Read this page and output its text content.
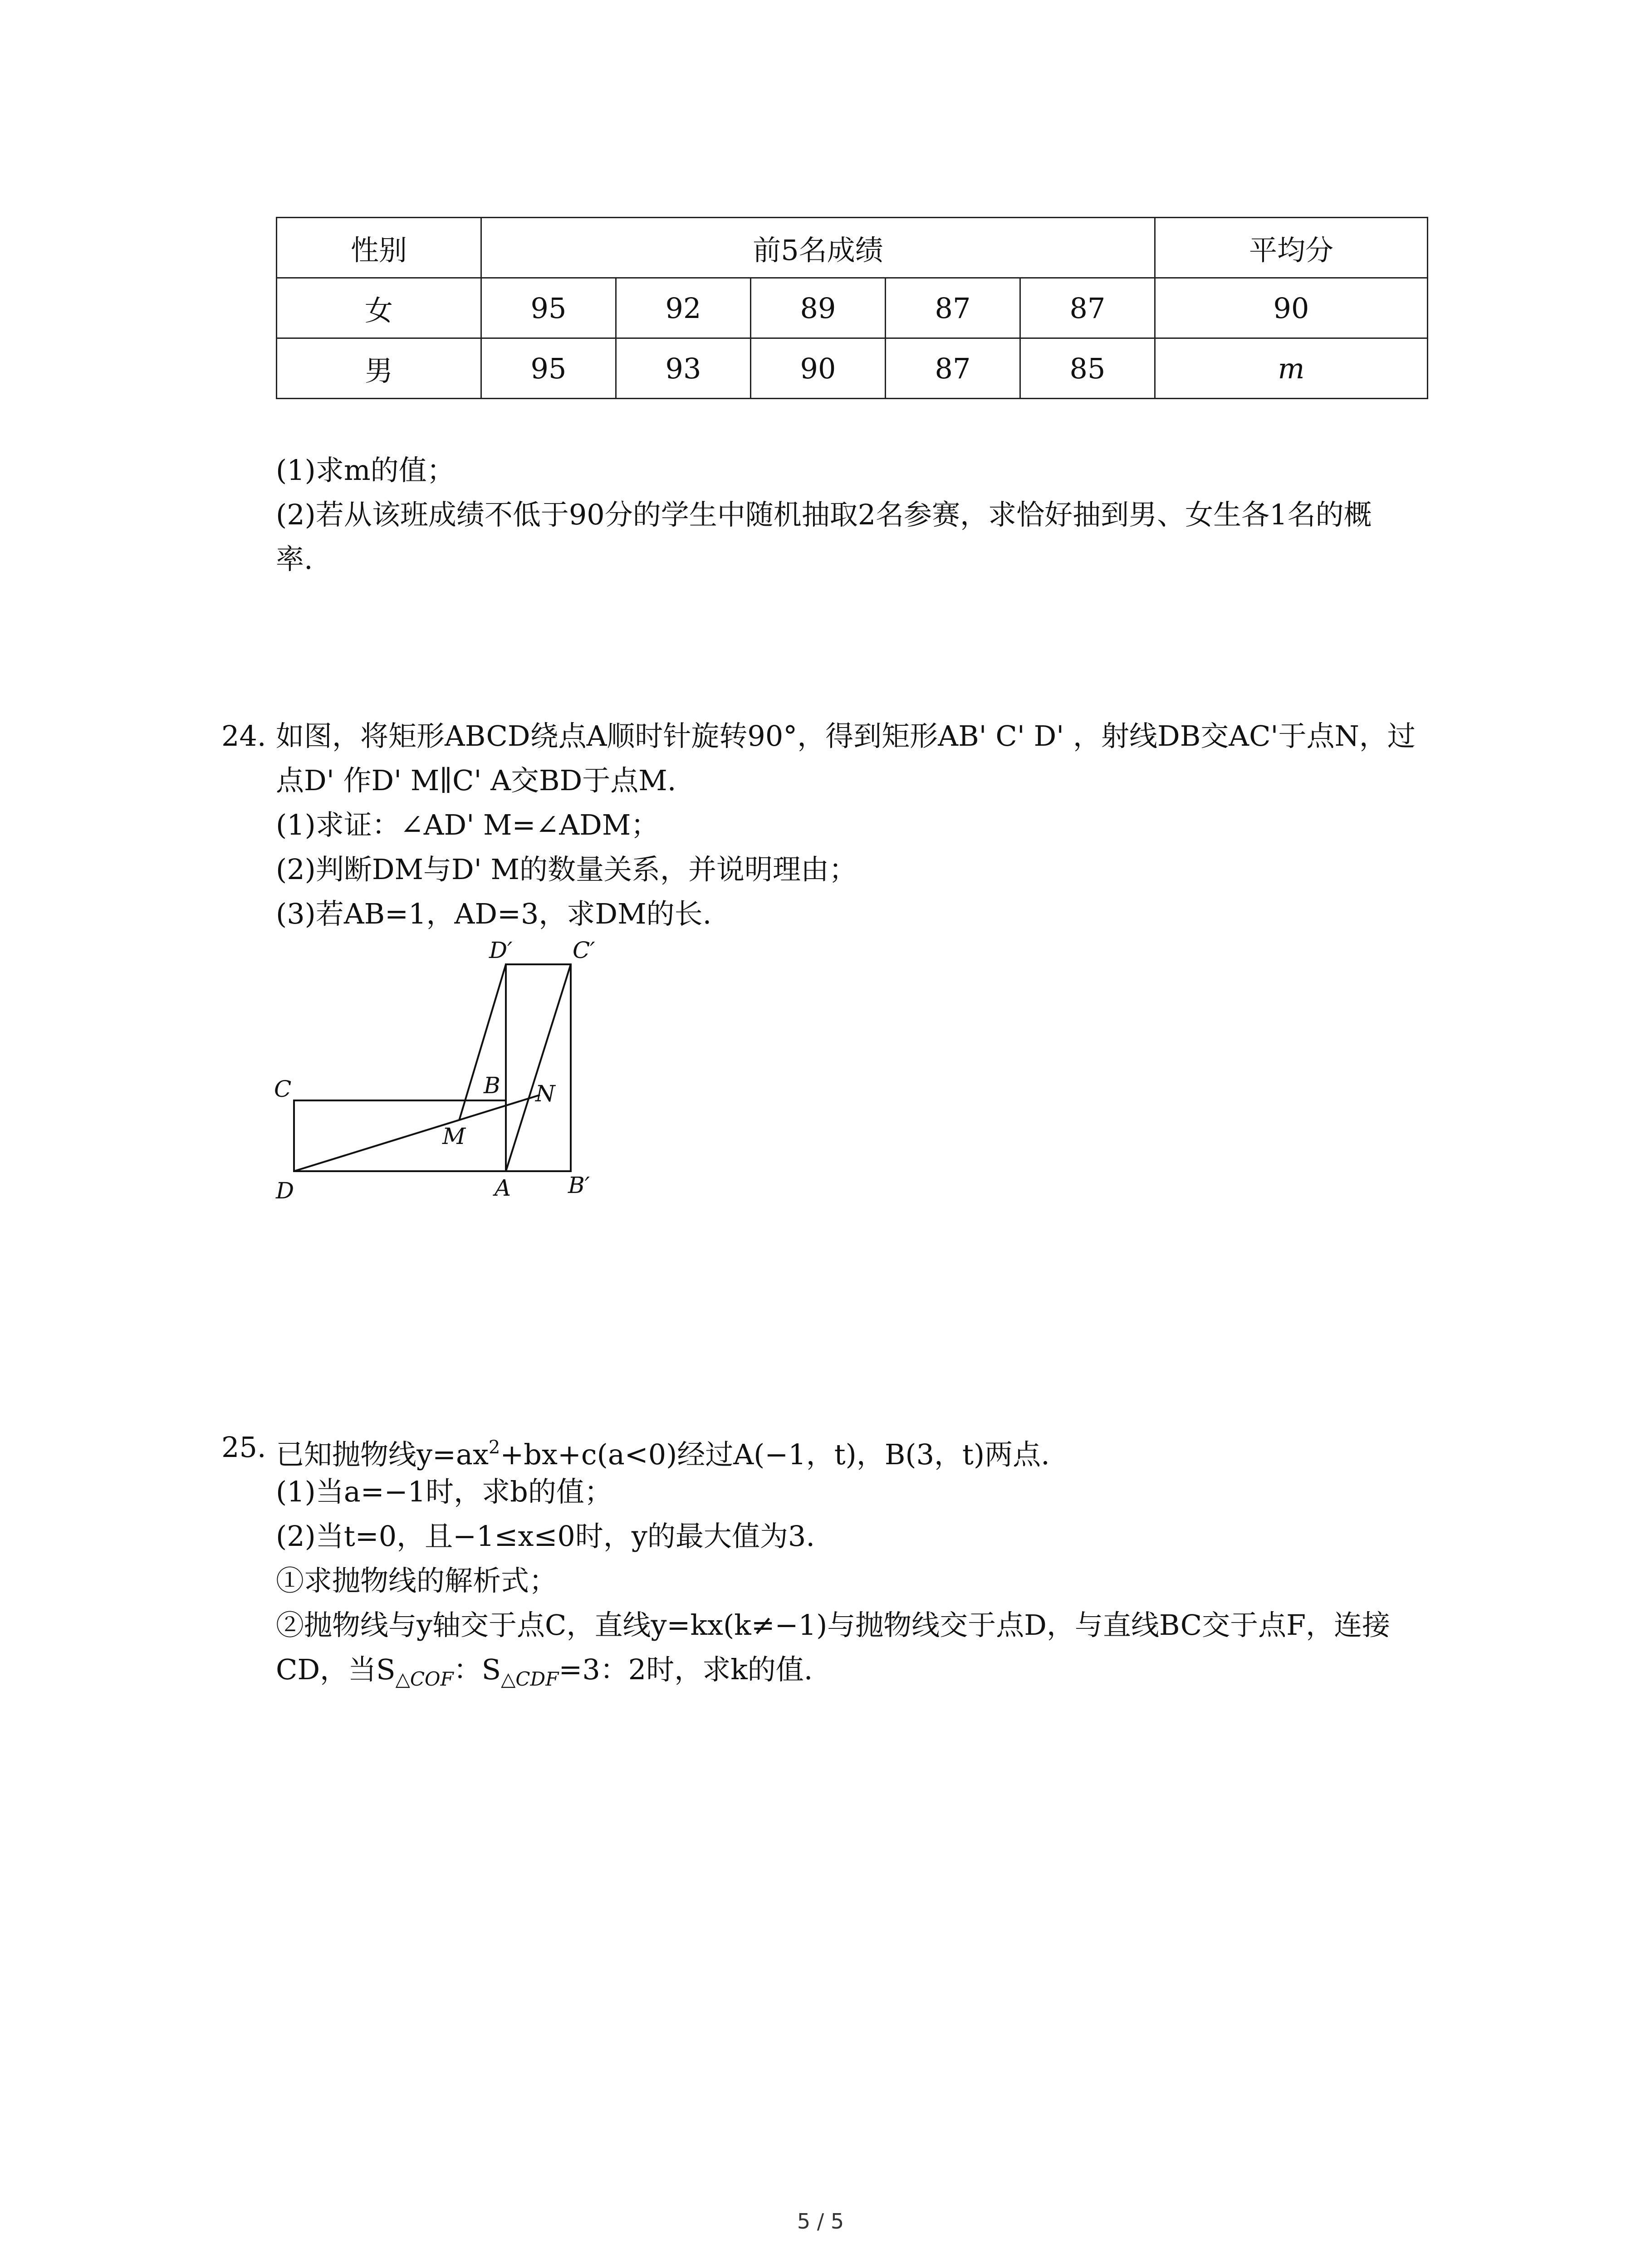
性别	前5名成绩					平均分
女	95	92	89	87	87	90
男	95	93	90	87	85	m
(1)求m的值；
(2)若从该班成绩不低于90分的学生中随机抽取2名参赛，求恰好抽到男、女生各1名的概
率.
24. 如图，将矩形ABCD绕点A顺时针旋转90°，得到矩形AB' C' D' ，射线DB交AC'于点N，过
点D' 作D' M∥C' A交BD于点M.
(1)求证：∠AD' M=∠ADM；
(2)判断DM与D' M的数量关系，并说明理由；
(3)若AB=1，AD=3，求DM的长.
D′	C′
C	B N
M
D	A	B′
25. 已知抛物线$y=ax^2+bx+c(a<0)$经过A(−1，t)，B(3，t)两点.
(1)当a=−1时，求b的值；
(2)当t=0，且−1≤x≤0时，y的最大值为3.
①求抛物线的解析式；
②抛物线与y轴交于点C，直线y=kx(k≠−1)与抛物线交于点D，与直线BC交于点F，连接
CD，当$S_{\triangle COF}$：$S_{\triangle CDF}=3$：2时，求k的值.
5 / 5
